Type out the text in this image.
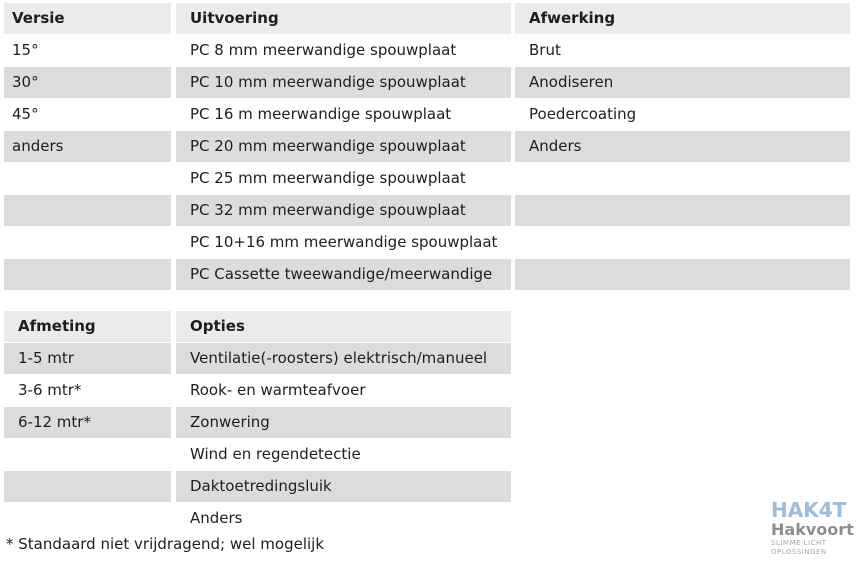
Versie
15°
30°
45°
anders
Uitvoering
PC 8 mm meerwandige spouwplaat
PC 10 mm meerwandige spouwplaat
PC 16 m meerwandige spouwplaat
PC 20 mm meerwandige spouwplaat
PC 25 mm meerwandige spouwplaat
PC 32 mm meerwandige spouwplaat
PC 10+16 mm meerwandige spouwplaat
PC Cassette tweewandige/meerwandige
Afwerking
Brut
Anodiseren
Poedercoating
Anders
Afmeting
1-5 mtr
3-6 mtr*
6-12 mtr*
Opties
Ventilatie(-roosters) elektrisch/manueel
Rook- en warmteafvoer
Zonwering
Wind en regendetectie
Daktoetredingsluik
Anders
* Standaard niet vrijdragend; wel mogelijk
HAK4T
Hakvoort
SLIMME LICHT
OPLOSSINGEN
